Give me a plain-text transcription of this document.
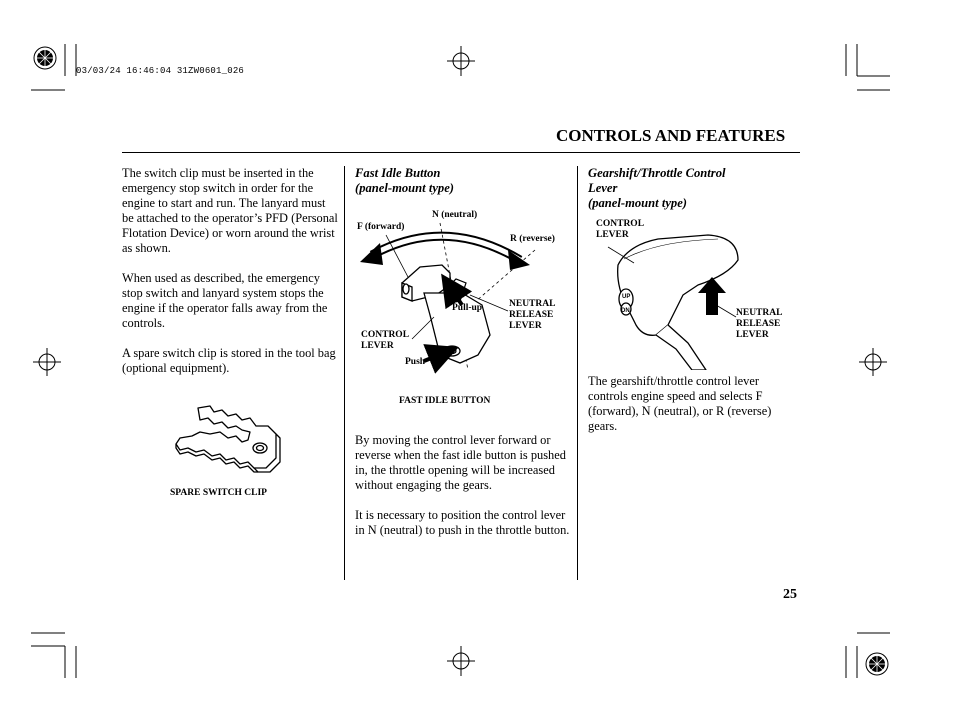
03/03/24 16:46:04 31ZW0601_026
CONTROLS AND FEATURES

The switch clip must be inserted in the emergency stop switch in order for the engine to start and run. The lanyard must be attached to the operator’s PFD (Personal Flotation Device) or worn around the wrist as shown.

When used as described, the emergency stop switch and lanyard system stops the engine if the operator falls away from the controls.

A spare switch clip is stored in the tool bag (optional equipment).

SPARE SWITCH CLIP
Fast Idle Button
(panel-mount type)
F (forward)
N (neutral)
R (reverse)
Pull-up	NEUTRAL
RELEASE
LEVER
CONTROL
LEVER
Push
FAST IDLE BUTTON

By moving the control lever forward or reverse when the fast idle button is pushed in, the throttle opening will be increased without engaging the gears.

It is necessary to position the control lever in N (neutral) to push in the throttle button.

Gearshift/Throttle Control
Lever
(panel-mount type)
UP
DN
CONTROL
LEVER
NEUTRAL
RELEASE
LEVER

The gearshift/throttle control lever controls engine speed and selects F (forward), N (neutral), or R (reverse) gears.

25
